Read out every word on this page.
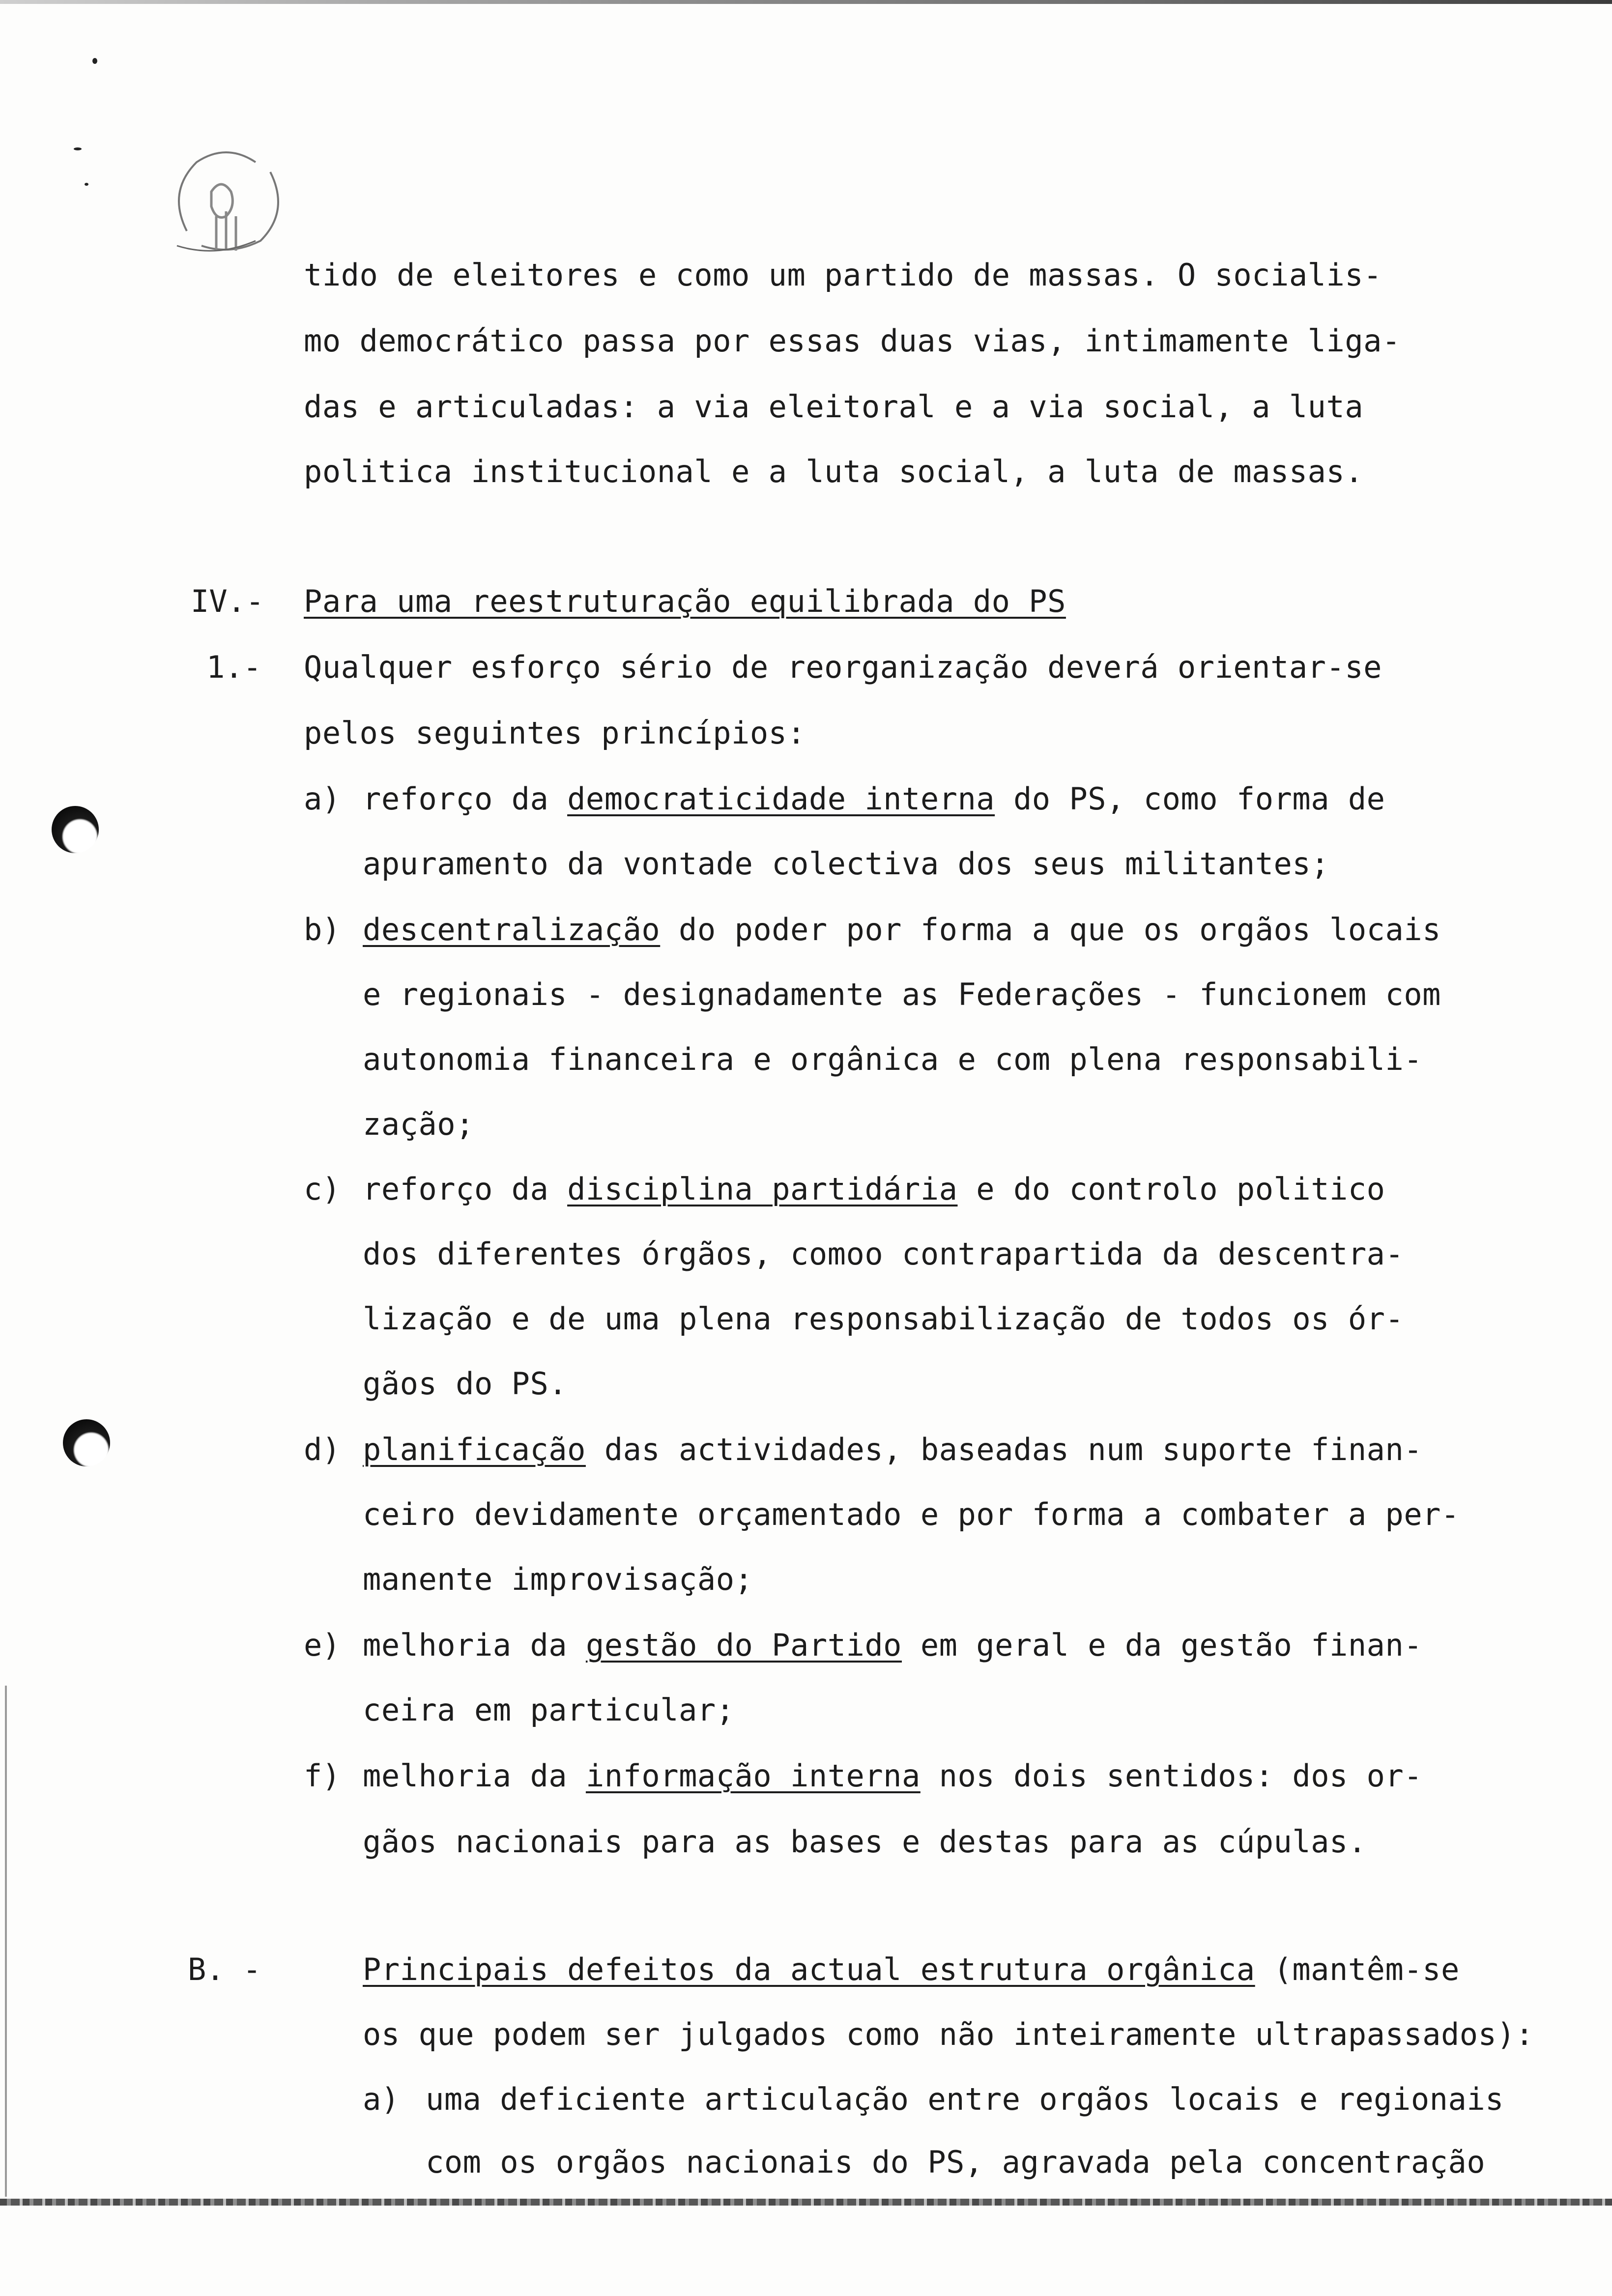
tido de eleitores e como um partido de massas. O socialis-
mo democrático passa por essas duas vias, intimamente liga-
das e articuladas: a via eleitoral e a via social, a luta
politica institucional e a luta social, a luta de massas.
IV.- Para uma reestruturação equilibrada do PS
1.- Qualquer esforço sério de reorganização deverá orientar-se
pelos seguintes princípios:
a) reforço da democraticidade interna do PS, como forma de
apuramento da vontade colectiva dos seus militantes;
b) descentralização do poder por forma a que os orgãos locais
e regionais - designadamente as Federações - funcionem com
autonomia financeira e orgânica e com plena responsabili-
zação;
c) reforço da disciplina partidária e do controlo politico
dos diferentes órgãos, comoo contrapartida da descentra-
lização e de uma plena responsabilização de todos os ór-
gãos do PS.
d) planificação das actividades, baseadas num suporte finan-
ceiro devidamente orçamentado e por forma a combater a per-
manente improvisação;
e) melhoria da gestão do Partido em geral e da gestão finan-
ceira em particular;
f) melhoria da informação interna nos dois sentidos: dos or-
gãos nacionais para as bases e destas para as cúpulas.
B. -	Principais defeitos da actual estrutura orgânica (mantêm-se
os que podem ser julgados como não inteiramente ultrapassados):
a) uma deficiente articulação entre orgãos locais e regionais
com os orgãos nacionais do PS, agravada pela concentração
